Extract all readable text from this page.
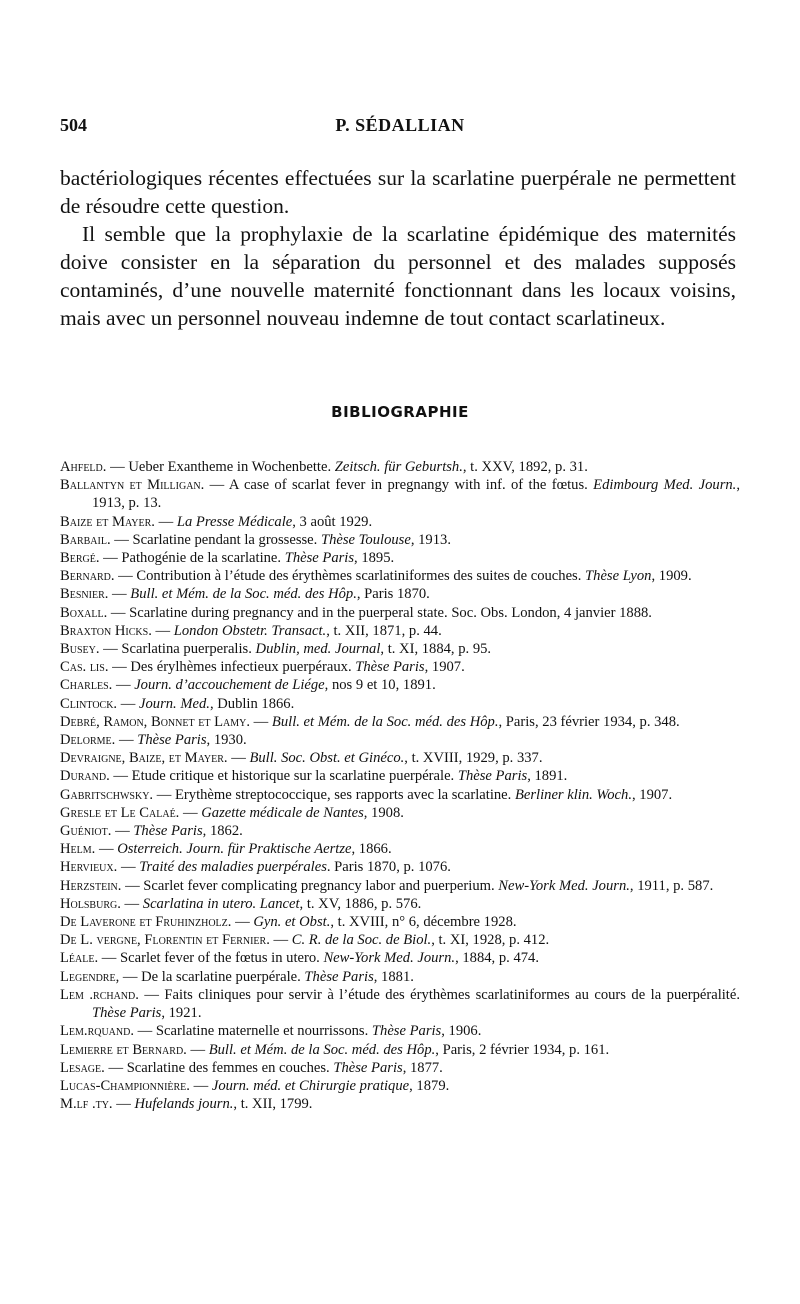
504	P. SÉDALLIAN

bactériologiques récentes effectuées sur la scarlatine puerpérale ne permettent de résoudre cette question.

Il semble que la prophylaxie de la scarlatine épidémique des maternités doive consister en la séparation du personnel et des malades supposés contaminés, d’une nouvelle maternité fonctionnant dans les locaux voisins, mais avec un personnel nouveau indemne de tout contact scarlatineux.

BIBLIOGRAPHIE
Ahfeld. — Ueber Exantheme in Wochenbette. Zeitsch. für Geburtsh., t. XXV, 1892, p. 31.
Ballantyn et Milligan. — A case of scarlat fever in pregnangy with inf. of the fœtus. Edimbourg Med. Journ., 1913, p. 13.
Baize et Mayer. — La Presse Médicale, 3 août 1929.
Barbail. — Scarlatine pendant la grossesse. Thèse Toulouse, 1913.
Bergé. — Pathogénie de la scarlatine. Thèse Paris, 1895.
Bernard. — Contribution à l’étude des érythèmes scarlatiniformes des suites de couches. Thèse Lyon, 1909.
Besnier. — Bull. et Mém. de la Soc. méd. des Hôp., Paris 1870.
Boxall. — Scarlatine during pregnancy and in the puerperal state. Soc. Obs. London, 4 janvier 1888.
Braxton Hicks. — London Obstetr. Transact., t. XII, 1871, p. 44.
Busey. — Scarlatina puerperalis. Dublin, med. Journal, t. XI, 1884, p. 95.
Cas. lis. — Des érylhèmes infectieux puerpéraux. Thèse Paris, 1907.
Charles. — Journ. d’accouchement de Liége, nos 9 et 10, 1891.
Clintock. — Journ. Med., Dublin 1866.
Debré, Ramon, Bonnet et Lamy. — Bull. et Mém. de la Soc. méd. des Hôp., Paris, 23 février 1934, p. 348.
Delorme. — Thèse Paris, 1930.
Devraigne, Baize, et Mayer. — Bull. Soc. Obst. et Ginéco., t. XVIII, 1929, p. 337.
Durand. — Etude critique et historique sur la scarlatine puerpérale. Thèse Paris, 1891.
Gabritschwsky. — Erythème streptococcique, ses rapports avec la scarlatine. Berliner klin. Woch., 1907.
Gresle et Le Calaé. — Gazette médicale de Nantes, 1908.
Guéniot. — Thèse Paris, 1862.
Helm. — Osterreich. Journ. für Praktische Aertze, 1866.
Hervieux. — Traité des maladies puerpérales. Paris 1870, p. 1076.
Herzstein. — Scarlet fever complicating pregnancy labor and puerperium. New-York Med. Journ., 1911, p. 587.
Holsburg. — Scarlatina in utero. Lancet, t. XV, 1886, p. 576.
De Laverone et Fruhinzholz. — Gyn. et Obst., t. XVIII, n° 6, décembre 1928.
De L. vergne, Florentin et Fernier. — C. R. de la Soc. de Biol., t. XI, 1928, p. 412.
Léale. — Scarlet fever of the fœtus in utero. New-York Med. Journ., 1884, p. 474.
Legendre, — De la scarlatine puerpérale. Thèse Paris, 1881.
Lem .rchand. — Faits cliniques pour servir à l’étude des érythèmes scarlatiniformes au cours de la puerpéralité. Thèse Paris, 1921.
Lem.rquand. — Scarlatine maternelle et nourrissons. Thèse Paris, 1906.
Lemierre et Bernard. — Bull. et Mém. de la Soc. méd. des Hôp., Paris, 2 février 1934, p. 161.
Lesage. — Scarlatine des femmes en couches. Thèse Paris, 1877.
Lucas-Championnière. — Journ. méd. et Chirurgie pratique, 1879.
M.lf .ty. — Hufelands journ., t. XII, 1799.
